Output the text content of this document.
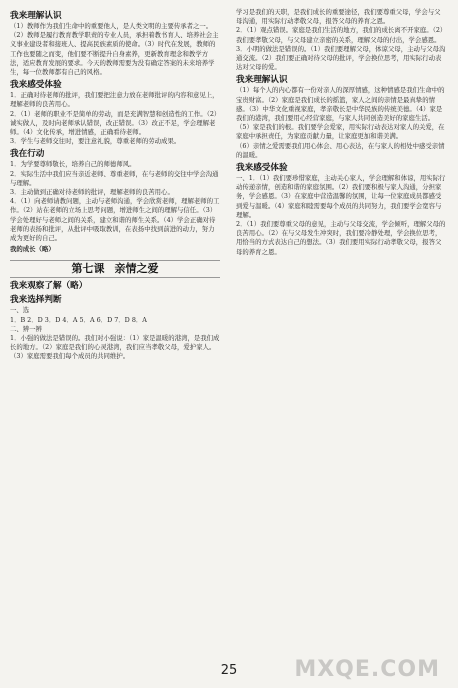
我来理解认识

（1）教师作为我们生命中的重要他人，是人类文明的主要传承者之一。（2）教师是履行教育教学职责的专业人员，承担着教书育人、培养社会主义事业建设者和接班人、提高民族素质的使命。（3）时代在发展，教师的工作也要随之而变，他们要不断提升自身素养，更新教育理念和教学方法，适应教育发展的要求。今天的教师需要为没有确定答案的未来培养学生，每一位教师都有自己的风格。

我来感受体验

1．正确对待老师的批评，我们要把注意力放在老师批评的内容和意见上，理解老师的良苦用心。

2．（1）老师的职业不是简单的劳动，而是充满智慧和创造性的工作。（2）诚实做人，及时向老师承认错误，改正错误。（3）改正不足，学会理解老师。（4）文化传承，增进情感，正确看待老师。

3．学生与老师交往时，要注意礼貌，尊重老师的劳动成果。

我在行动

1．为学要尊师敬长，培养自己的师德师风。

2．实际生活中我们应当亲近老师、尊重老师，在与老师的交往中学会沟通与理解。

3．主动做到正确对待老师的批评，理解老师的良苦用心。

4．（1）向老师请教问题，主动与老师沟通，学会欣赏老师，理解老师的工作。（2）站在老师的立场上思考问题，增进师生之间的理解与信任。（3）学会处理好与老师之间的关系，建立和谐的师生关系。（4）学会正确对待老师的表扬和批评，从批评中吸取教训，在表扬中找到前进的动力，努力成为更好的自己。

我的成长（略）

第七课 亲情之爱
我来观察了解（略）
我来选择判断

一、选

1．B 2．D 3．D 4．A 5．A 6．D 7．D 8．A

二、辨一辨

1．小强的做法是错误的。我们对小强说：（1）家是温暖的港湾，是我们成长的地方。（2）家庭是我们的心灵港湾，我们应当孝敬父母，爱护家人。（3）家庭需要我们每个成员的共同维护。

学习是我们的天职，是我们成长的重要途径，我们要尊重父母，学会与父母沟通，用实际行动孝敬父母，报答父母的养育之恩。

2．（1）观点错误。家庭是我们生活的地方，我们的成长离不开家庭。（2）我们要孝敬父母，与父母建立亲密的关系，理解父母的付出，学会感恩。

3．小明的做法是错误的。（1）我们要理解父母，体谅父母，主动与父母沟通交流。（2）我们要正确对待父母的批评，学会换位思考，用实际行动表达对父母的爱。

我来理解认识

（1）每个人的内心都有一份对亲人的深厚情感，这种情感是我们生命中的宝贵财富。（2）家庭是我们成长的摇篮，家人之间的亲情是最真挚的情感。（3）中华文化重视家庭，孝亲敬长是中华民族的传统美德。（4）家是我们的港湾，我们要用心经营家庭，与家人共同创造美好的家庭生活。

（5）家是我们的根。我们要学会爱家，用实际行动表达对家人的关爱，在家庭中承担责任，为家庭贡献力量，让家庭更加和谐美满。

（6）亲情之爱需要我们用心体会、用心表达，在与家人的相处中感受亲情的温暖。

我来感受体验

一、1．（1）我们要珍惜家庭，主动关心家人，学会理解和体谅，用实际行动传递亲情，创造和谐的家庭氛围。（2）我们要积极与家人沟通，分担家务，学会感恩。（3）在家庭中营造温馨的氛围，让每一位家庭成员都感受到爱与温暖。（4）家庭和睦需要每个成员的共同努力，我们要学会宽容与理解。

2．（1）我们要尊重父母的意见，主动与父母交流，学会倾听，理解父母的良苦用心。（2）在与父母发生冲突时，我们要冷静处理，学会换位思考，用恰当的方式表达自己的想法。（3）我们要用实际行动孝敬父母，报答父母的养育之恩。

25	MXQE.COM
